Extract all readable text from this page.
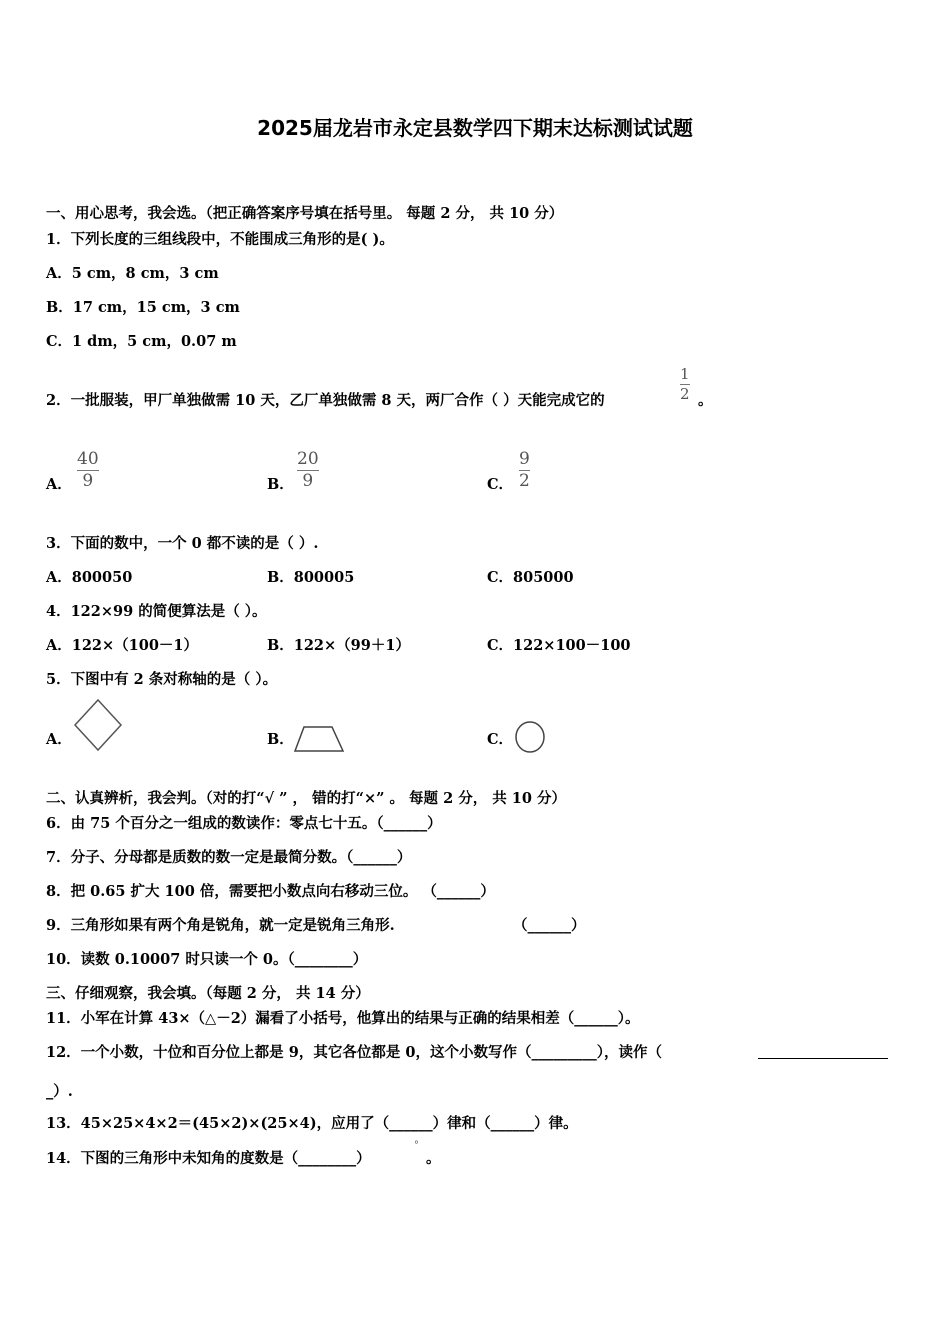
2025届龙岩市永定县数学四下期末达标测试试题
一、用心思考，我会选。（把正确答案序号填在括号里。 每题 2 分， 共 10 分）
1．下列长度的三组线段中，不能围成三角形的是( )。
A．5 cm，8 cm，3 cm
B．17 cm，15 cm，3 cm
C．1 dm，5 cm，0.07 m
2．一批服装，甲厂单独做需 10 天，乙厂单独做需 8 天，两厂合作（ ）天能完成它的	$\frac{1}{2}$ 。
A． $\frac{40}{9}$	B． $\frac{20}{9}$	C． $\frac{9}{2}$
3．下面的数中，一个 0 都不读的是（ ）.
A．800050	B．800005	C．805000
4．122×99 的简便算法是（ ）。
A．122×（100－1）	B．122×（99＋1）	C．122×100－100
5．下图中有 2 条对称轴的是（ ）。
A．	B．	C．
二、认真辨析，我会判。（对的打“√ ” ， 错的打“×” 。 每题 2 分， 共 10 分）
6．由 75 个百分之一组成的数读作：零点七十五。（______）
7．分子、分母都是质数的数一定是最简分数。（______）
8．把 0.65 扩大 100 倍，需要把小数点向右移动三位。 （______）
9．三角形如果有两个角是锐角，就一定是锐角三角形.	（______）
10．读数 0.10007 时只读一个 0。（________）
三、仔细观察，我会填。（每题 2 分， 共 14 分）
11．小军在计算 43×（△－2）漏看了小括号，他算出的结果与正确的结果相差（______）。
12．一个小数，十位和百分位上都是 9，其它各位都是 0，这个小数写作（_________），读作（
_）.
13．45×25×4×2＝(45×2)×(25×4)，应用了（______）律和（______）律。
14．下图的三角形中未知角的度数是（________）
°
。
